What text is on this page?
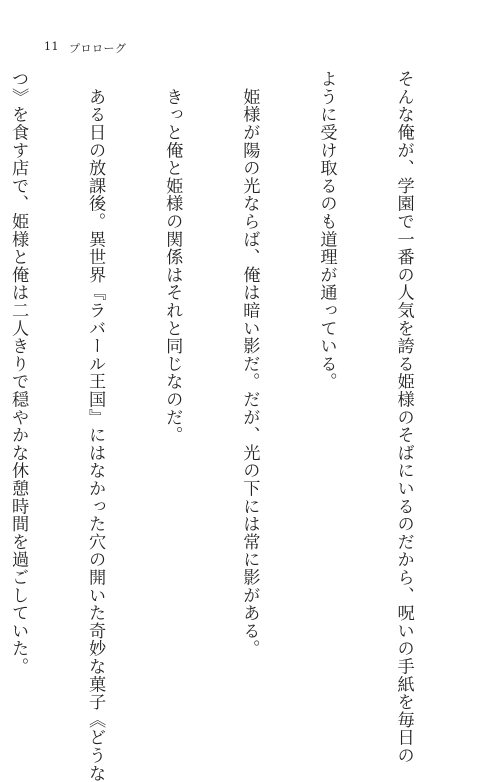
11 プロローグ

そんな俺が、学園で一番の人気を誇る姫様のそばにいるのだから、呪いの手紙を毎日の

ように受け取るのも道理が通っている。

　姫様が陽の光ならば、俺は暗い影だ。だが、光の下には常に影がある。

　きっと俺と姫様の関係はそれと同じなのだ。

　ある日の放課後。異世界『ラバール王国』にはなかった穴の開いた奇妙な菓子《どうな

つ》を食す店で、姫様と俺は二人きりで穏やかな休憩時間を過ごしていた。
